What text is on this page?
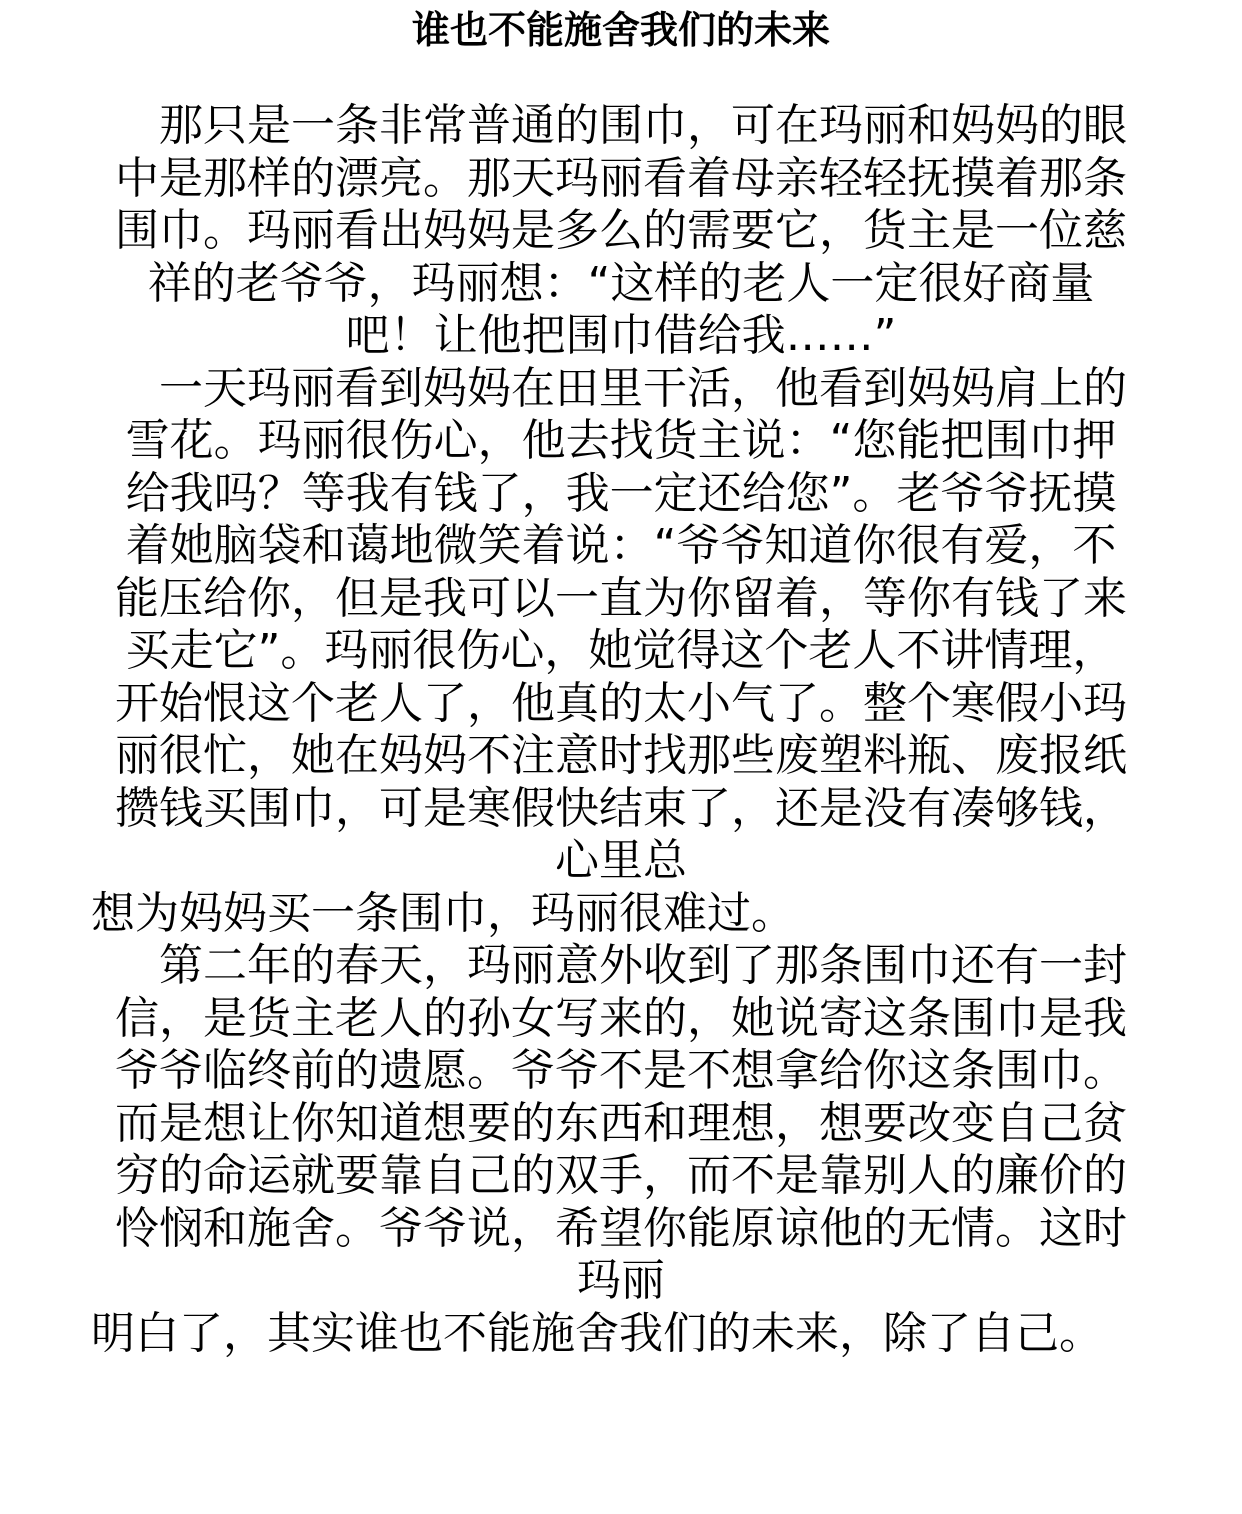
谁也不能施舍我们的未来
　那只是一条非常普通的围巾，可在玛丽和妈妈的眼
中是那样的漂亮。那天玛丽看着母亲轻轻抚摸着那条
围巾。玛丽看出妈妈是多么的需要它，货主是一位慈
祥的老爷爷，玛丽想：“这样的老人一定很好商量
吧！让他把围巾借给我……”
　一天玛丽看到妈妈在田里干活，他看到妈妈肩上的
雪花。玛丽很伤心，他去找货主说：“您能把围巾押
给我吗？等我有钱了，我一定还给您”。老爷爷抚摸
着她脑袋和蔼地微笑着说：“爷爷知道你很有爱，不
能压给你，但是我可以一直为你留着，等你有钱了来
买走它”。玛丽很伤心，她觉得这个老人不讲情理，
开始恨这个老人了，他真的太小气了。整个寒假小玛
丽很忙，她在妈妈不注意时找那些废塑料瓶、废报纸
攒钱买围巾，可是寒假快结束了，还是没有凑够钱，
心里总
想为妈妈买一条围巾，玛丽很难过。
　第二年的春天，玛丽意外收到了那条围巾还有一封
信，是货主老人的孙女写来的，她说寄这条围巾是我
爷爷临终前的遗愿。爷爷不是不想拿给你这条围巾。
而是想让你知道想要的东西和理想，想要改变自己贫
穷的命运就要靠自己的双手，而不是靠别人的廉价的
怜悯和施舍。爷爷说，希望你能原谅他的无情。这时
玛丽
明白了，其实谁也不能施舍我们的未来，除了自己。
